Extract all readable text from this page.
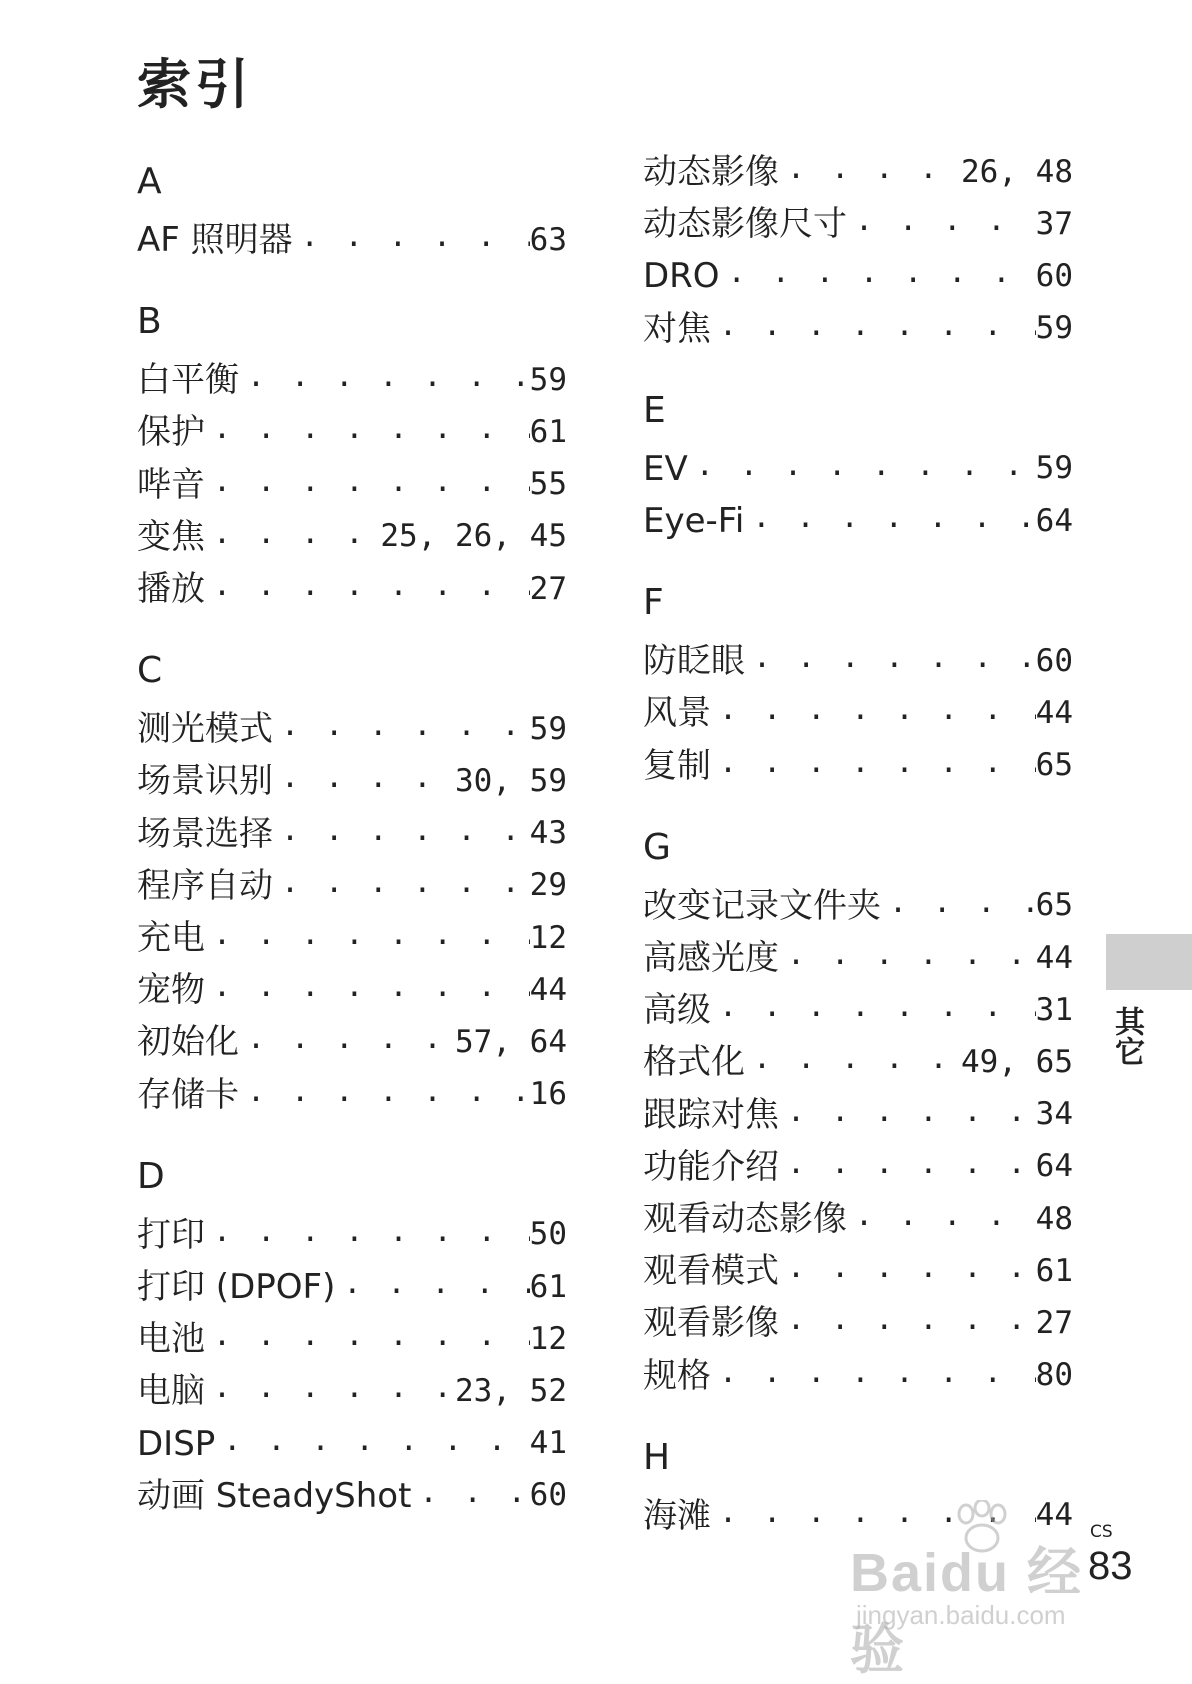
索引
A
AF 照明器 . . .	63
B
白平衡 . . .	59
保护 . . .	61
哔音 . . .	55
变焦 . . .	25, 26, 45
播放 . . .	27
C
测光模式 . . .	59
场景识别 . . .	30, 59
场景选择 . . .	43
程序自动 . . .	29
充电 . . .	12
宠物 . . .	44
初始化 . . .	57, 64
存储卡 . . .	16
D
打印 . . .	50
打印 (DPOF) . . .	61
电池 . . .	12
电脑 . . .	23, 52
DISP . . .	41
动画 SteadyShot . . .	60
动态影像 . . .	26, 48
动态影像尺寸 . . .	37
DRO . . .	60
对焦 . . .	59
E
EV . . .	59
Eye-Fi . . .	64
F
防眨眼 . . .	60
风景 . . .	44
复制 . . .	65
G
改变记录文件夹 . . .	65
高感光度 . . .	44
高级 . . .	31
格式化 . . .	49, 65
跟踪对焦 . . .	34
功能介绍 . . .	64
观看动态影像 . . .	48
观看模式 . . .	61
观看影像 . . .	27
规格 . . .	80
H
海滩 . . .	44
其它
CS
83
Baidu 经验
jingyan.baidu.com
